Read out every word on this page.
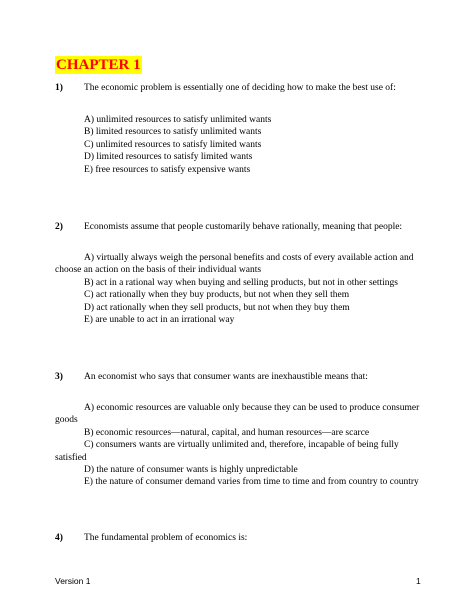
CHAPTER 1
1) The economic problem is essentially one of deciding how to make the best use of:
A) unlimited resources to satisfy unlimited wants
B) limited resources to satisfy unlimited wants
C) unlimited resources to satisfy limited wants
D) limited resources to satisfy limited wants
E) free resources to satisfy expensive wants
2) Economists assume that people customarily behave rationally, meaning that people:
A) virtually always weigh the personal benefits and costs of every available action and choose an action on the basis of their individual wants
B) act in a rational way when buying and selling products, but not in other settings
C) act rationally when they buy products, but not when they sell them
D) act rationally when they sell products, but not when they buy them
E) are unable to act in an irrational way
3) An economist who says that consumer wants are inexhaustible means that:
A) economic resources are valuable only because they can be used to produce consumer goods
B) economic resources—natural, capital, and human resources—are scarce
C) consumers wants are virtually unlimited and, therefore, incapable of being fully satisfied
D) the nature of consumer wants is highly unpredictable
E) the nature of consumer demand varies from time to time and from country to country
4) The fundamental problem of economics is:
Version 1	1
